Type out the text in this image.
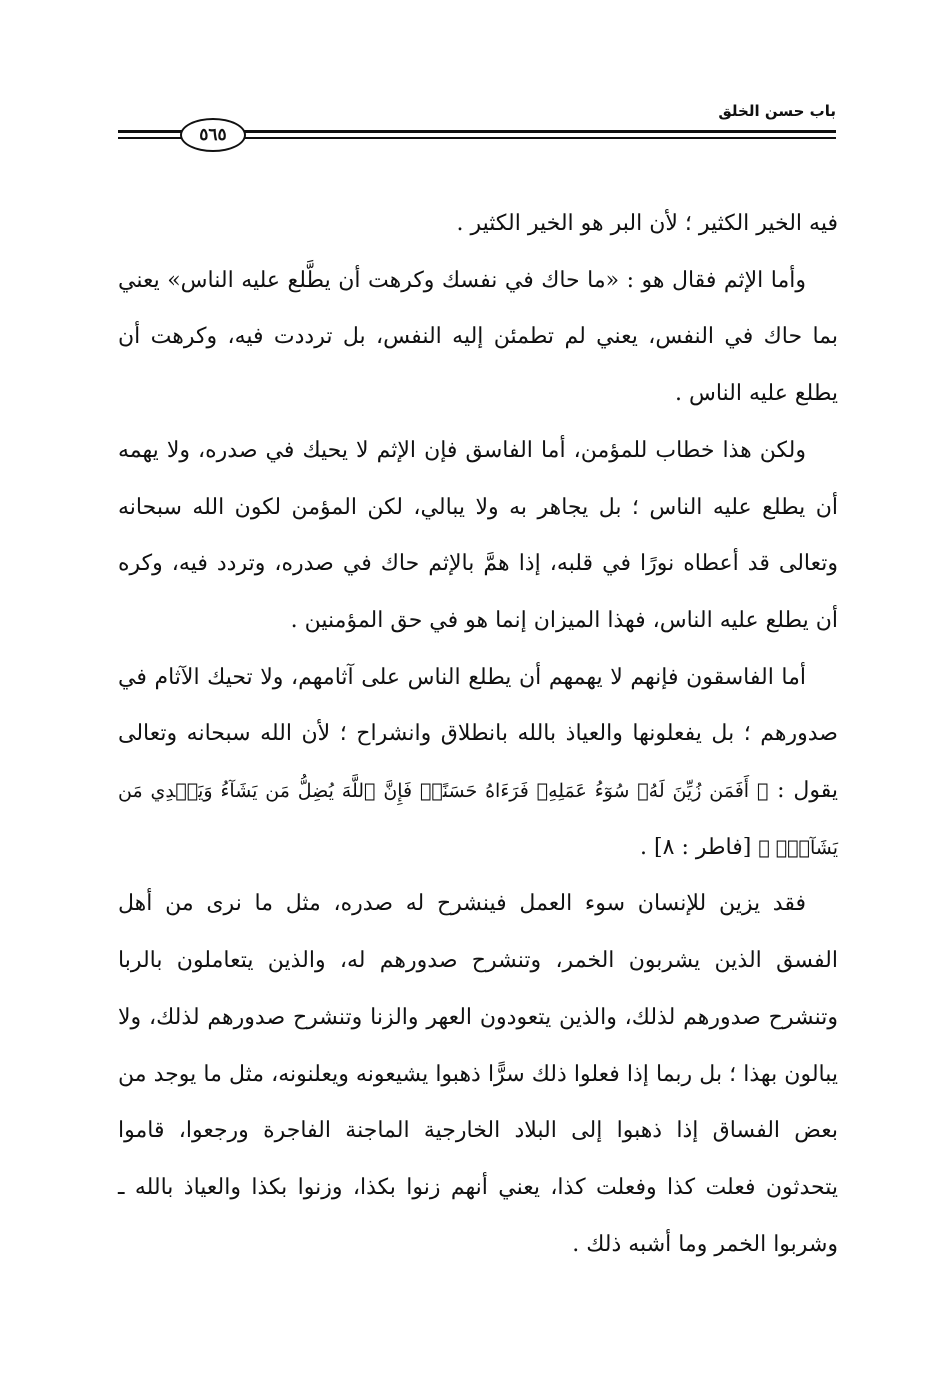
باب حسن الخلق
٥٦٥

فيه الخير الكثير ؛ لأن البر هو الخير الكثير .

وأما الإثم فقال هو : «ما حاك في نفسك وكرهت أن يطَّلع عليه الناس» يعني بما حاك في النفس، يعني لم تطمئن إليه النفس، بل ترددت فيه، وكرهت أن يطلع عليه الناس .

ولكن هذا خطاب للمؤمن، أما الفاسق فإن الإثم لا يحيك في صدره، ولا يهمه أن يطلع عليه الناس ؛ بل يجاهر به ولا يبالي، لكن المؤمن لكون الله سبحانه وتعالى قد أعطاه نورًا في قلبه، إذا همَّ بالإثم حاك في صدره، وتردد فيه، وكره أن يطلع عليه الناس، فهذا الميزان إنما هو في حق المؤمنين .

أما الفاسقون فإنهم لا يهمهم أن يطلع الناس على آثامهم، ولا تحيك الآثام في صدورهم ؛ بل يفعلونها والعياذ بالله بانطلاق وانشراح ؛ لأن الله سبحانه وتعالى يقول : ﴿ أَفَمَن زُيِّنَ لَهُۥ سُوٓءُ عَمَلِهِۦ فَرَءَاهُ حَسَنًاۖ فَإِنَّ ٱللَّهَ يُضِلُّ مَن يَشَآءُ وَيَهۡدِي مَن يَشَآءُۖ ﴾ [فاطر : ٨] .

فقد يزين للإنسان سوء العمل فينشرح له صدره، مثل ما نرى من أهل الفسق الذين يشربون الخمر، وتنشرح صدورهم له، والذين يتعاملون بالربا وتنشرح صدورهم لذلك، والذين يتعودون العهر والزنا وتنشرح صدورهم لذلك، ولا يبالون بهذا ؛ بل ربما إذا فعلوا ذلك سرًّا ذهبوا يشيعونه ويعلنونه، مثل ما يوجد من بعض الفساق إذا ذهبوا إلى البلاد الخارجية الماجنة الفاجرة ورجعوا، قاموا يتحدثون فعلت كذا وفعلت كذا، يعني أنهم زنوا بكذا، وزنوا بكذا والعياذ بالله ـ وشربوا الخمر وما أشبه ذلك .
